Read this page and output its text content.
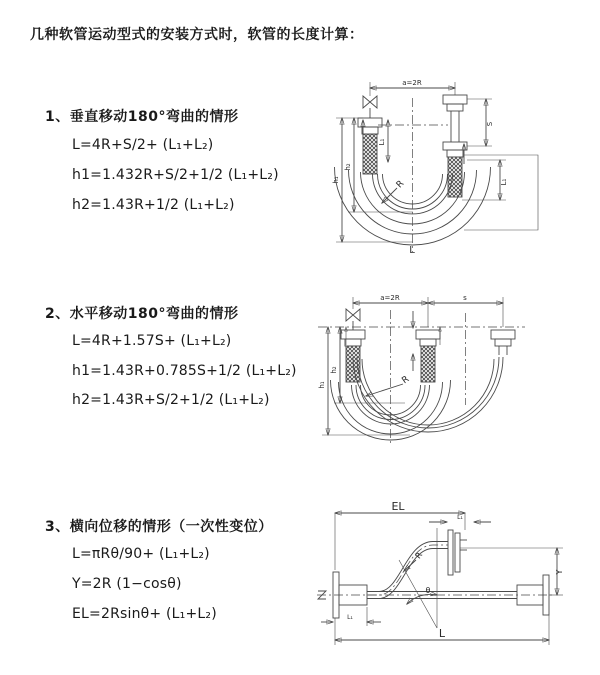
几种软管运动型式的安装方式时，软管的长度计算：
1、垂直移动180°弯曲的情形
L=4R+S/2+ (L₁+L₂)
h1=1.432R+S/2+1/2 (L₁+L₂)
h2=1.43R+1/2 (L₁+L₂)
2、水平移动180°弯曲的情形
L=4R+1.57S+ (L₁+L₂)
h1=1.43R+0.785S+1/2 (L₁+L₂)
h2=1.43R+S/2+1/2 (L₁+L₂)
3、横向位移的情形（一次性变位）
L=πRθ/90+ (L₁+L₂)
Y=2R (1−cosθ)
EL=2Rsinθ+ (L₁+L₂)
a=2R
h₁
h₂
L₁
S
L₁
R
L
a=2R	s
h₁
h₂
R
EL
L₁
Y
R
θ
L
L₁
